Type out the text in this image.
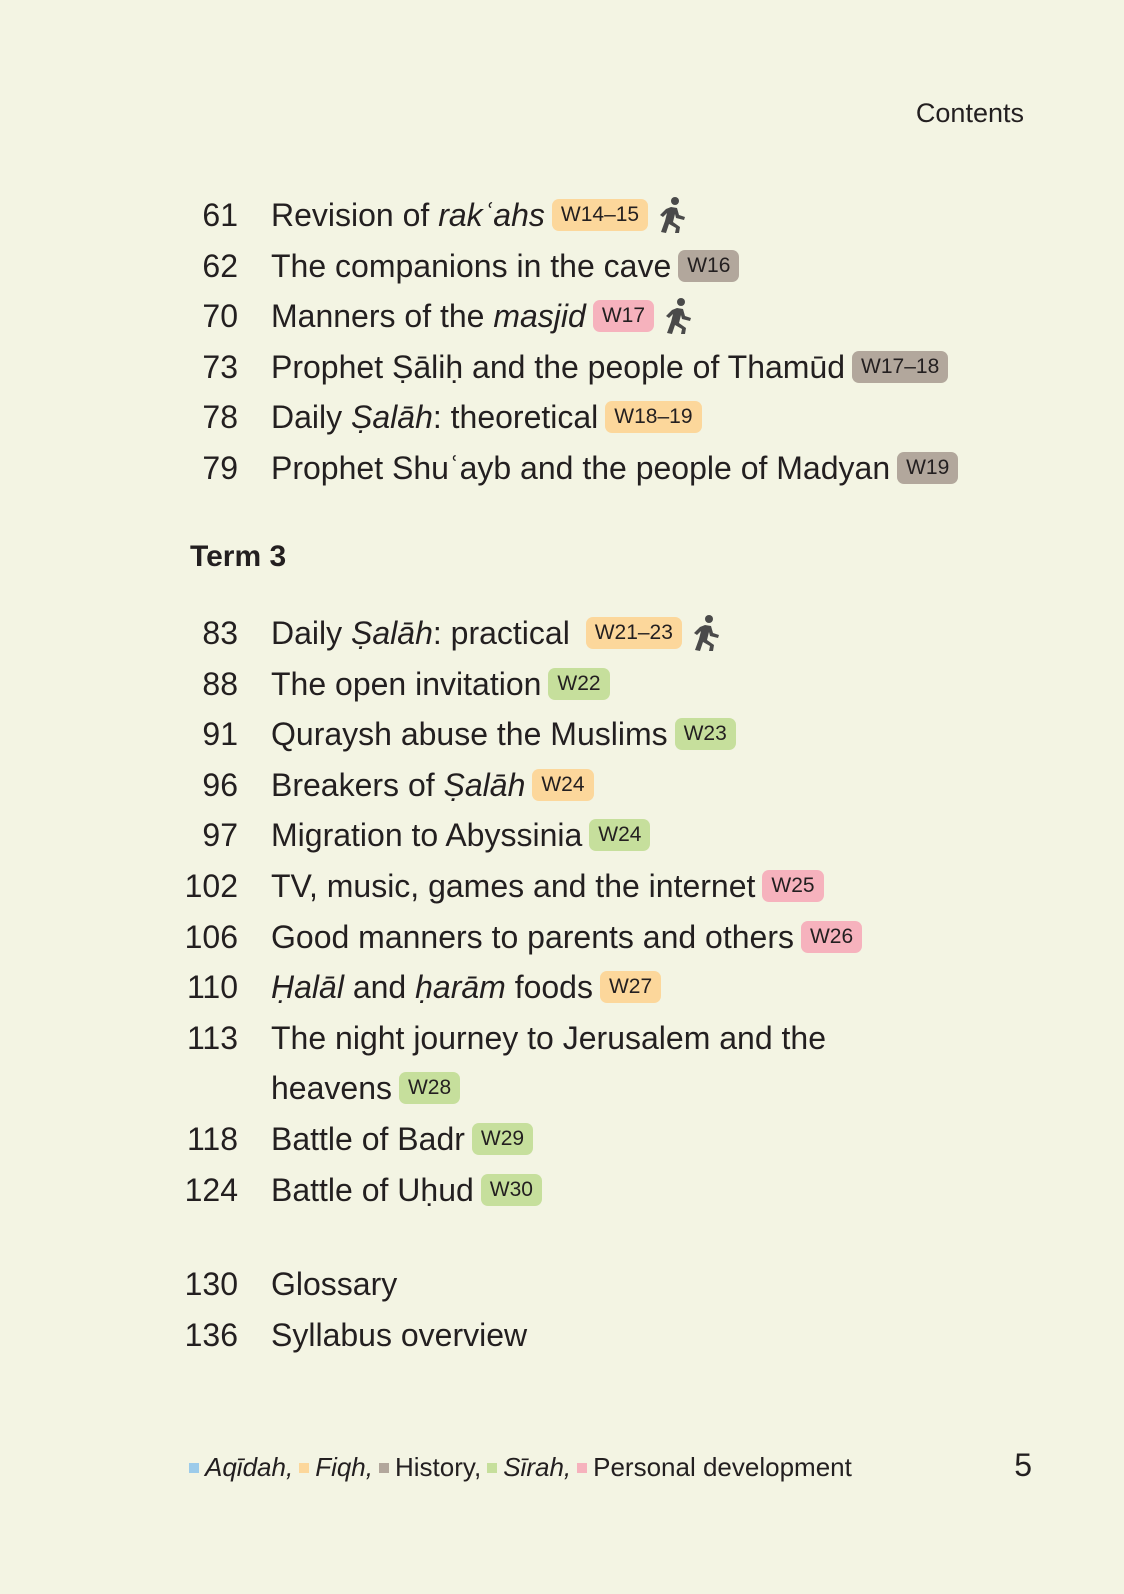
Contents
61 Revision of rakʿahs W14–15
62 The companions in the cave W16
70 Manners of the masjid W17
73 Prophet Ṣāliḥ and the people of Thamūd W17–18
78 Daily Ṣalāh : theoretical W18–19
79 Prophet Shuʿayb and the people of Madyan W19
83 Daily Ṣalāh : practical W21–23
88 The open invitation W22
91 Quraysh abuse the Muslims W23
96 Breakers of Ṣalāh W24
97 Migration to Abyssinia W24
102 TV, music, games and the internet W25
106 Good manners to parents and others W26
110 Ḥalāl and ḥarām foods W27
113 The night journey to Jerusalem and the
heavens W28
118 Battle of Badr W29
124 Battle of Uḥud W30
130 Glossary
136 Syllabus overview
Term 3
Aqīdah, Fiqh, History, Sīrah, Personal development	5
